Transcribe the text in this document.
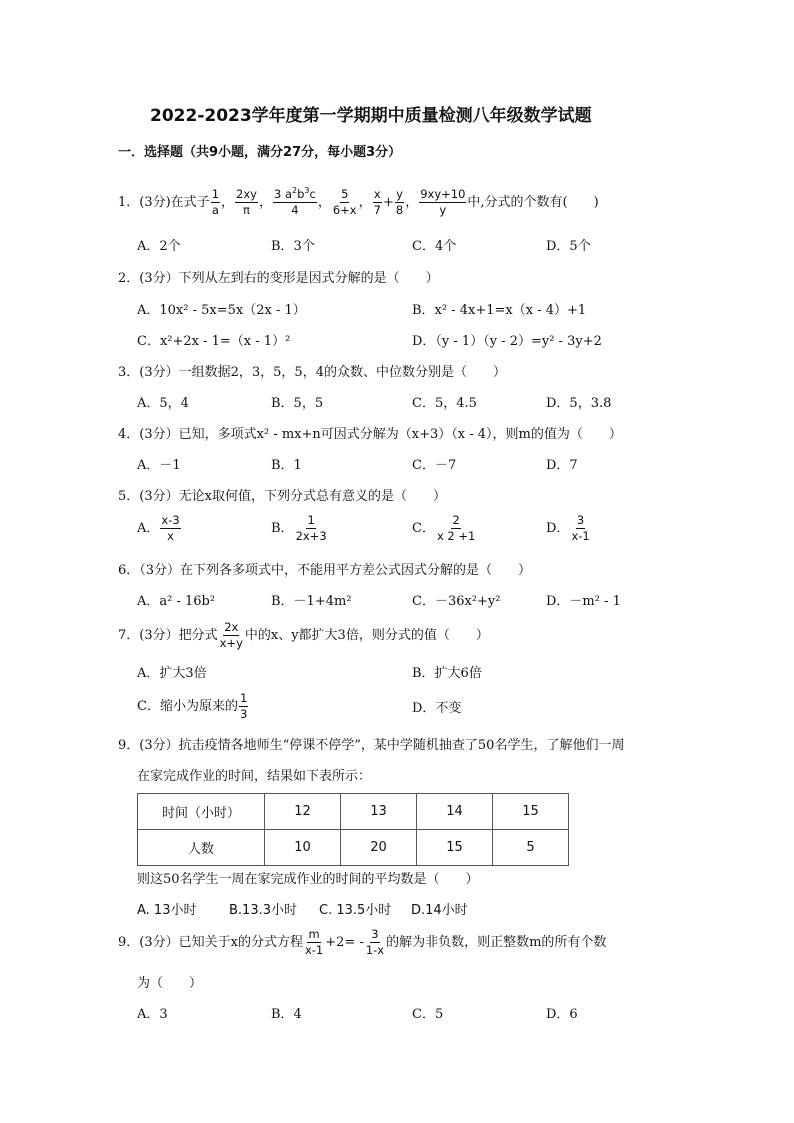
2022-2023学年度第一学期期中质量检测八年级数学试题
一．选择题（共9小题，满分27分，每小题3分）
1．(3分)在式子 $\frac{1}{a}$ ， $\frac{2xy}{\pi}$ ， $\frac{3 a^2b^3c}{4}$ ， $\frac{5}{6+x}$ ， $\frac{x}{7} + \frac{y}{8}$ ， $\frac{9xy+10}{y}$ 中,分式的个数有(　　)
A．2个	B．3个	C．4个	D．5个
2．(3分）下列从左到右的变形是因式分解的是（　　）
A．10x² - 5x=5x（2x - 1）	B．x² - 4x+1=x（x - 4）+1
C．x²+2x - 1=（x - 1）²	D．（y - 1）（y - 2）=y² - 3y+2
3．(3分）一组数据2，3，5，5，4的众数、中位数分别是（　　）
A．5，4	B．5，5	C．5，4.5	D．5，3.8
4．(3分）已知，多项式x² - mx+n可因式分解为（x+3）（x - 4），则m的值为（　　）
A．－1	B．1	C．－7	D．7
5．(3分）无论x取何值，下列分式总有意义的是（　　）
A． $\frac{x-3}{x}$	B． $\frac{1}{2x+3}$	C． $\frac{2}{x 2 +1}$	D． $\frac{3}{x-1}$
6．（3分）在下列各多项式中，不能用平方差公式因式分解的是（　　）
A．a² - 16b²	B．－1+4m²	C．－36x²+y²	D．－m² - 1
7．(3分）把分式 $\frac{2x}{x+y}$ 中的x、y都扩大3倍，则分式的值（　　）
A．扩大3倍	B．扩大6倍
C．缩小为原来的 $\frac{1}{3}$	D．不变
9．(3分）抗击疫情各地师生“停课不停学”，某中学随机抽查了50名学生，了解他们一周
在家完成作业的时间，结果如下表所示：
时间（小时）	12	13	14	15
人数	10	20	15	5
则这50名学生一周在家完成作业的时间的平均数是（　　）
A. 13小时	B.13.3小时 C. 13.5小时 D.14小时
9．(3分）已知关于x的分式方程 $\frac{m}{x-1} +2= - \frac{3}{1-x}$ 的解为非负数，则正整数m的所有个数
为（　　）
A．3	B．4	C．5	D．6
